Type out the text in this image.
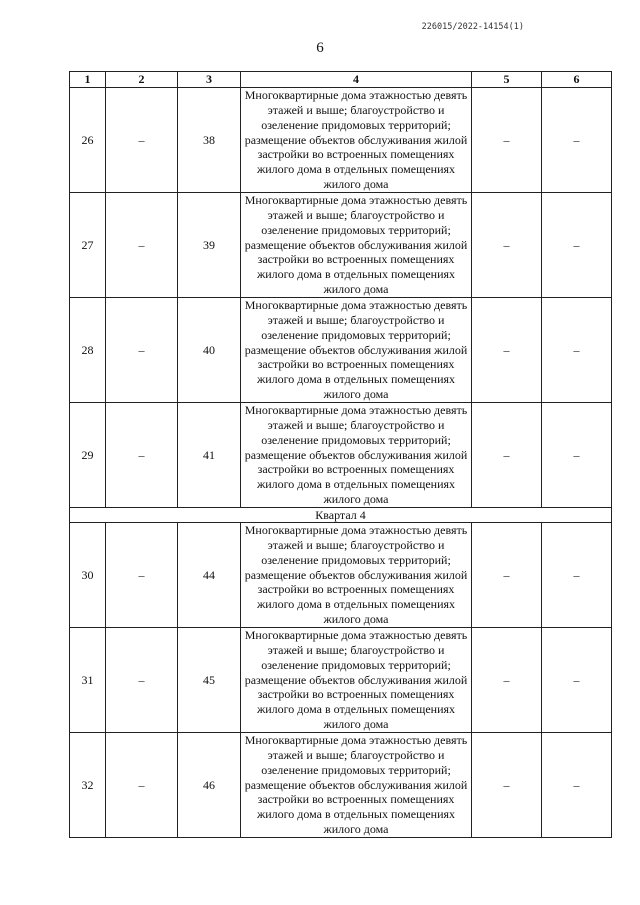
226015/2022-14154(1)
6
1	2	3	4	5	6
26	–	38	Многоквартирные дома этажностью девять этажей и выше; благоустройство и озеленение придомовых территорий; размещение объектов обслуживания жилой застройки во встроенных помещениях жилого дома в отдельных помещениях жилого дома	–	–
27	–	39	Многоквартирные дома этажностью девять этажей и выше; благоустройство и озеленение придомовых территорий; размещение объектов обслуживания жилой застройки во встроенных помещениях жилого дома в отдельных помещениях жилого дома	–	–
28	–	40	Многоквартирные дома этажностью девять этажей и выше; благоустройство и озеленение придомовых территорий; размещение объектов обслуживания жилой застройки во встроенных помещениях жилого дома в отдельных помещениях жилого дома	–	–
29	–	41	Многоквартирные дома этажностью девять этажей и выше; благоустройство и озеленение придомовых территорий; размещение объектов обслуживания жилой застройки во встроенных помещениях жилого дома в отдельных помещениях жилого дома	–	–
Квартал 4					
30	–	44	Многоквартирные дома этажностью девять этажей и выше; благоустройство и озеленение придомовых территорий; размещение объектов обслуживания жилой застройки во встроенных помещениях жилого дома в отдельных помещениях жилого дома	–	–
31	–	45	Многоквартирные дома этажностью девять этажей и выше; благоустройство и озеленение придомовых территорий; размещение объектов обслуживания жилой застройки во встроенных помещениях жилого дома в отдельных помещениях жилого дома	–	–
32	–	46	Многоквартирные дома этажностью девять этажей и выше; благоустройство и озеленение придомовых территорий; размещение объектов обслуживания жилой застройки во встроенных помещениях жилого дома в отдельных помещениях жилого дома	–	–
